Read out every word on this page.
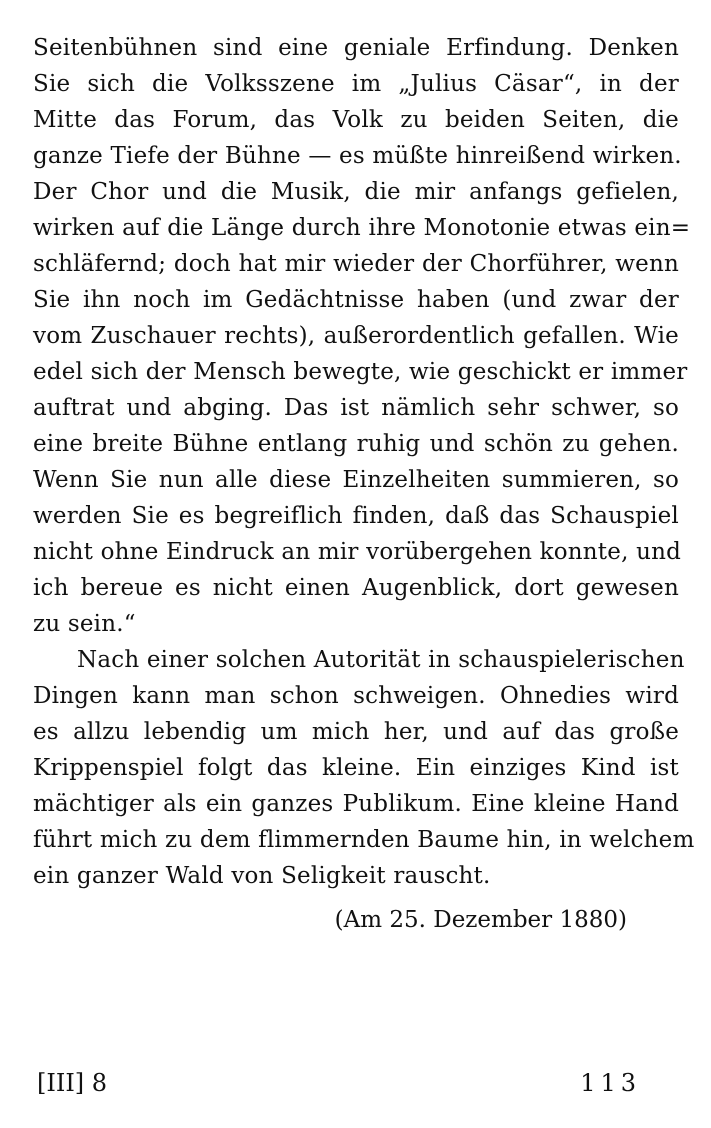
Seitenbühnen sind eine geniale Erfindung. Denken
Sie sich die Volksszene im „Julius Cäsar“, in der
Mitte das Forum, das Volk zu beiden Seiten, die
ganze Tiefe der Bühne — es müßte hinreißend wirken.
Der Chor und die Musik, die mir anfangs gefielen,
wirken auf die Länge durch ihre Monotonie etwas ein=
schläfernd; doch hat mir wieder der Chorführer, wenn
Sie ihn noch im Gedächtnisse haben (und zwar der
vom Zuschauer rechts), außerordentlich gefallen. Wie
edel sich der Mensch bewegte, wie geschickt er immer
auftrat und abging. Das ist nämlich sehr schwer, so
eine breite Bühne entlang ruhig und schön zu gehen.
Wenn Sie nun alle diese Einzelheiten summieren, so
werden Sie es begreiflich finden, daß das Schauspiel
nicht ohne Eindruck an mir vorübergehen konnte, und
ich bereue es nicht einen Augenblick, dort gewesen
zu sein.“
Nach einer solchen Autorität in schauspielerischen
Dingen kann man schon schweigen. Ohnedies wird
es allzu lebendig um mich her, und auf das große
Krippenspiel folgt das kleine. Ein einziges Kind ist
mächtiger als ein ganzes Publikum. Eine kleine Hand
führt mich zu dem flimmernden Baume hin, in welchem
ein ganzer Wald von Seligkeit rauscht.
(Am 25. Dezember 1880)
[III] 8	113
